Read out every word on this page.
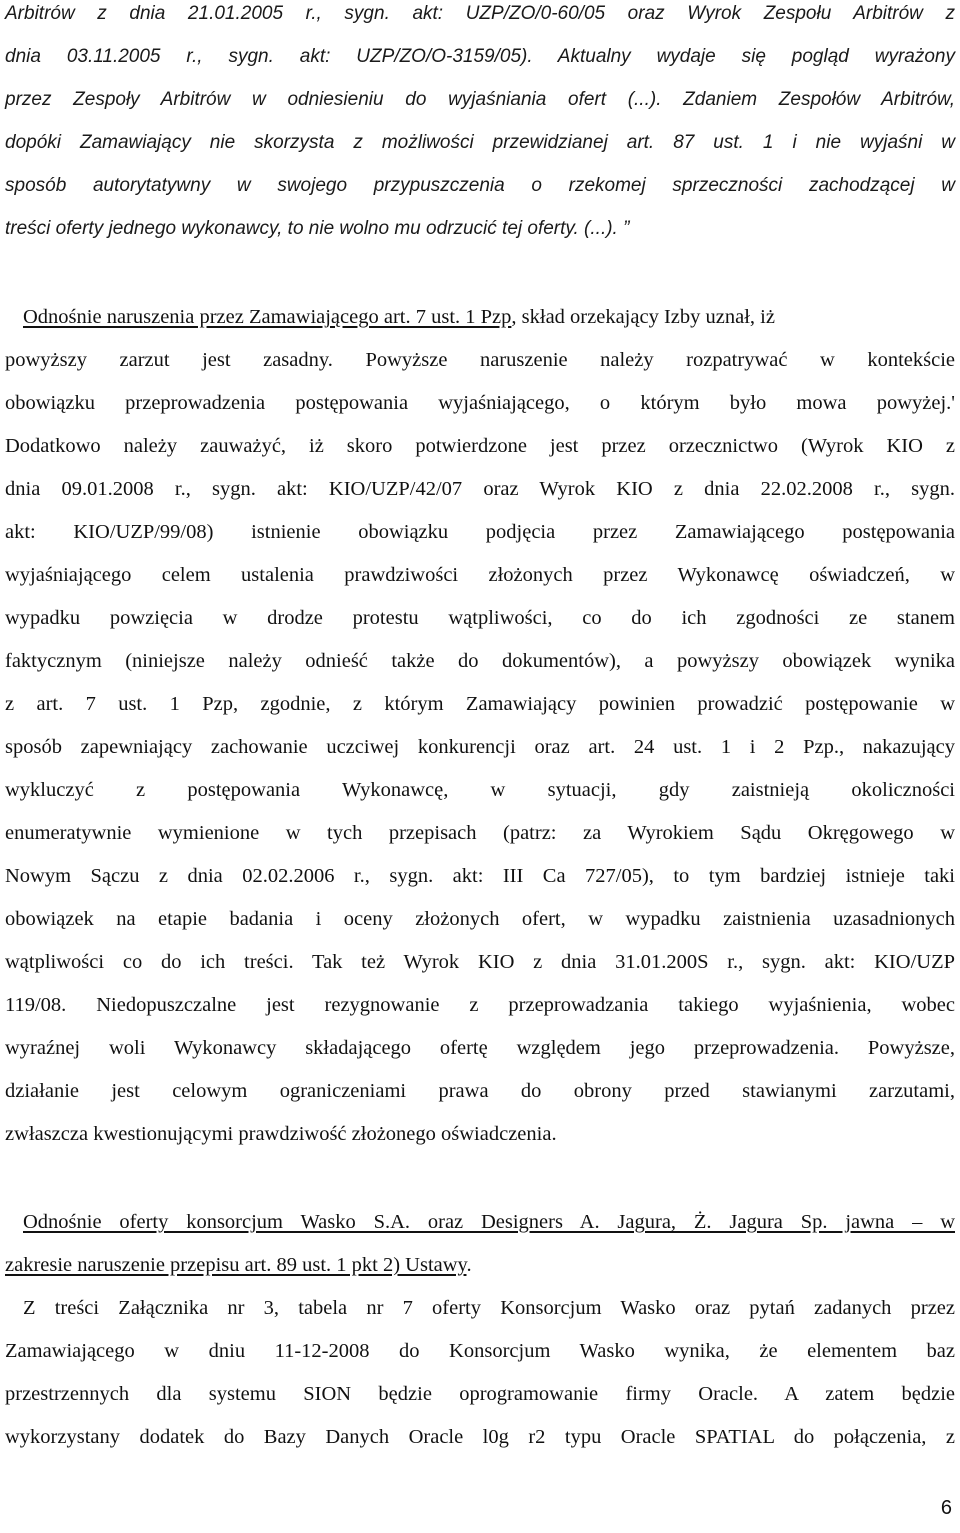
Arbitrów z dnia 21.01.2005 r., sygn. akt: UZP/ZO/0-60/05 oraz Wyrok Zespołu Arbitrów z
dnia 03.11.2005 r., sygn. akt: UZP/ZO/O-3159/05). Aktualny wydaje się pogląd wyrażony
przez Zespoły Arbitrów w odniesieniu do wyjaśniania ofert (...). Zdaniem Zespołów Arbitrów,
dopóki Zamawiający nie skorzysta z możliwości przewidzianej art. 87 ust. 1 i nie wyjaśni w
sposób autorytatywny w swojego przypuszczenia o rzekomej sprzeczności zachodzącej w
treści oferty jednego wykonawcy, to nie wolno mu odrzucić tej oferty. (...). ”
Odnośnie naruszenia przez Zamawiającego art. 7 ust. 1 Pzp, skład orzekający Izby uznał, iż
powyższy zarzut jest zasadny. Powyższe naruszenie należy rozpatrywać w kontekście
obowiązku przeprowadzenia postępowania wyjaśniającego, o którym było mowa powyżej.'
Dodatkowo należy zauważyć, iż skoro potwierdzone jest przez orzecznictwo (Wyrok KIO z
dnia 09.01.2008 r., sygn. akt: KIO/UZP/42/07 oraz Wyrok KIO z dnia 22.02.2008 r., sygn.
akt: KIO/UZP/99/08) istnienie obowiązku podjęcia przez Zamawiającego postępowania
wyjaśniającego celem ustalenia prawdziwości złożonych przez Wykonawcę oświadczeń, w
wypadku powzięcia w drodze protestu wątpliwości, co do ich zgodności ze stanem
faktycznym (niniejsze należy odnieść także do dokumentów), a powyższy obowiązek wynika
z art. 7 ust. 1 Pzp, zgodnie, z którym Zamawiający powinien prowadzić postępowanie w
sposób zapewniający zachowanie uczciwej konkurencji oraz art. 24 ust. 1 i 2 Pzp., nakazujący
wykluczyć z postępowania Wykonawcę, w sytuacji, gdy zaistnieją okoliczności
enumeratywnie wymienione w tych przepisach (patrz: za Wyrokiem Sądu Okręgowego w
Nowym Sączu z dnia 02.02.2006 r., sygn. akt: III Ca 727/05), to tym bardziej istnieje taki
obowiązek na etapie badania i oceny złożonych ofert, w wypadku zaistnienia uzasadnionych
wątpliwości co do ich treści. Tak też Wyrok KIO z dnia 31.01.200S r., sygn. akt: KIO/UZP
119/08. Niedopuszczalne jest rezygnowanie z przeprowadzania takiego wyjaśnienia, wobec
wyraźnej woli Wykonawcy składającego ofertę względem jego przeprowadzenia. Powyższe,
działanie jest celowym ograniczeniami prawa do obrony przed stawianymi zarzutami,
zwłaszcza kwestionującymi prawdziwość złożonego oświadczenia.
Odnośnie oferty konsorcjum Wasko S.A. oraz Designers A. Jagura, Ż. Jagura Sp. jawna – w
zakresie naruszenie przepisu art. 89 ust. 1 pkt 2) Ustawy.
Z treści Załącznika nr 3, tabela nr 7 oferty Konsorcjum Wasko oraz pytań zadanych przez
Zamawiającego w dniu 11-12-2008 do Konsorcjum Wasko wynika, że elementem baz
przestrzennych dla systemu SION będzie oprogramowanie firmy Oracle. A zatem będzie
wykorzystany dodatek do Bazy Danych Oracle l0g r2 typu Oracle SPATIAL do połączenia, z
6
